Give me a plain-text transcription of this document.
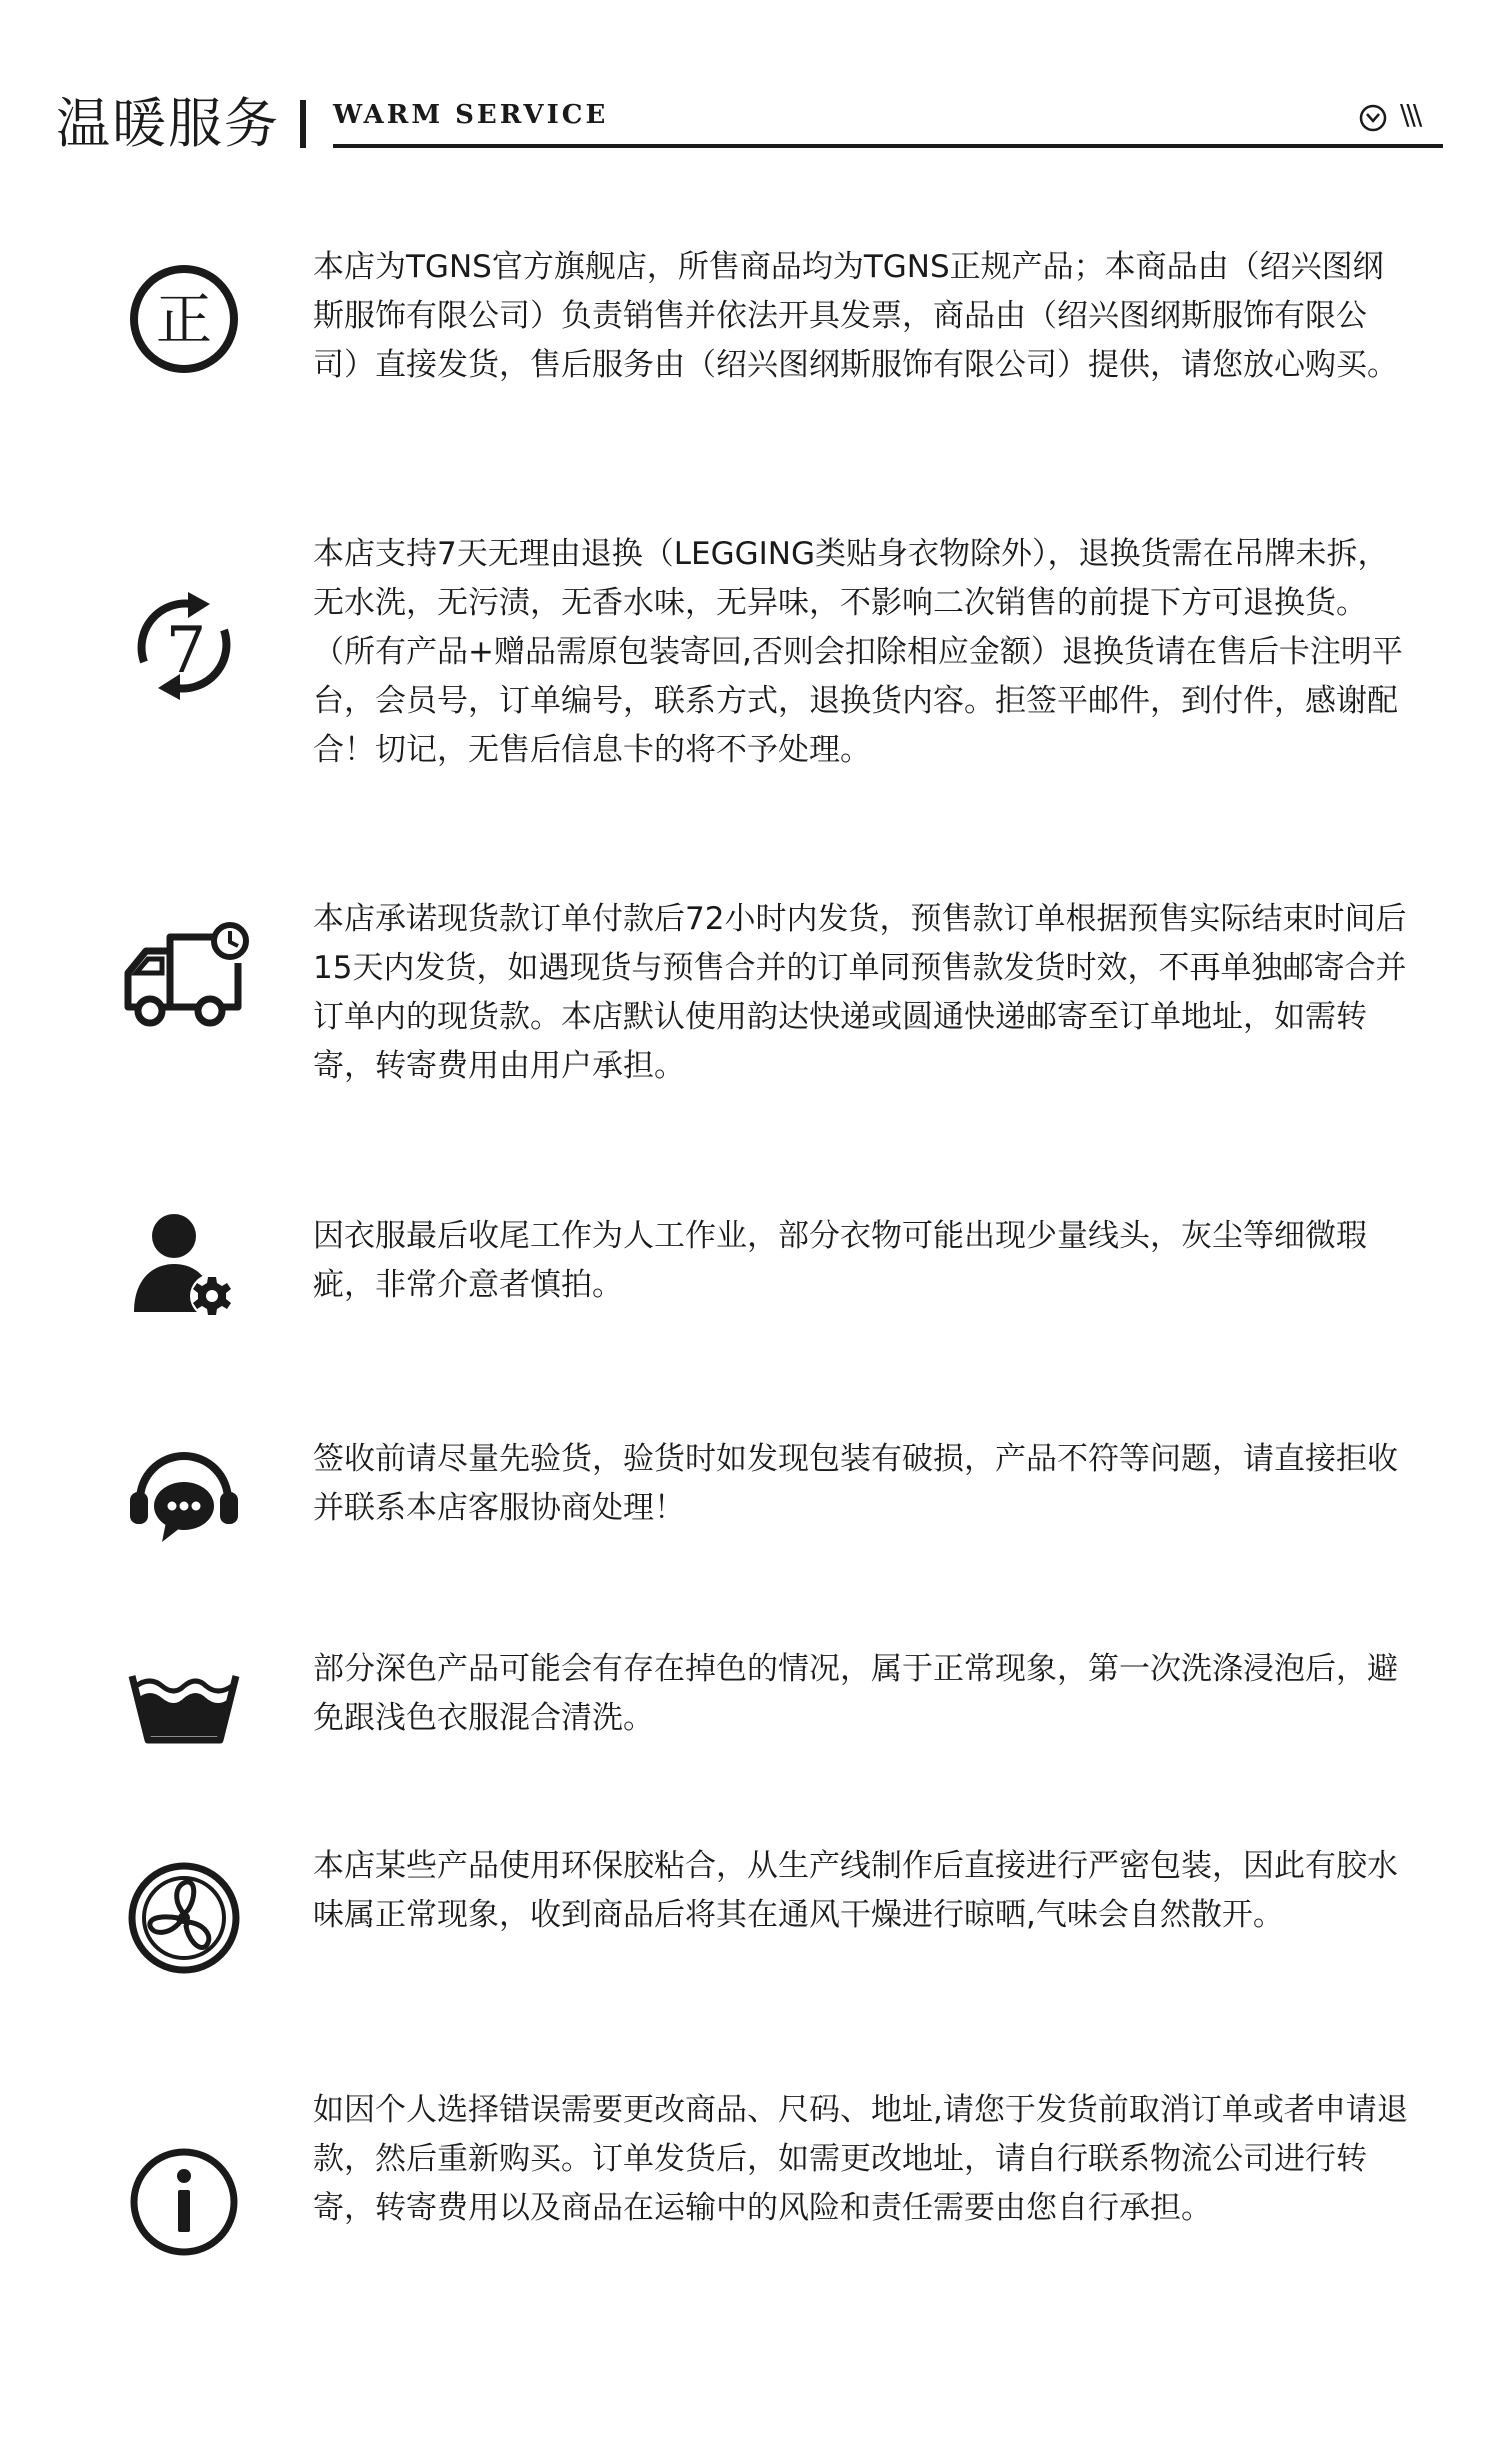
温暖服务 WARM SERVICE	\\\
正

本店为TGNS官方旗舰店，所售商品均为TGNS正规产品；本商品由（绍兴图纲斯服饰有限公司）负责销售并依法开具发票，商品由（绍兴图纲斯服饰有限公司）直接发货，售后服务由（绍兴图纲斯服饰有限公司）提供，请您放心购买。

7

本店支持7天无理由退换（LEGGING类贴身衣物除外），退换货需在吊牌未拆，无水洗，无污渍，无香水味，无异味，不影响二次销售的前提下方可退换货。（所有产品+赠品需原包装寄回,否则会扣除相应金额）退换货请在售后卡注明平台，会员号，订单编号，联系方式，退换货内容。拒签平邮件，到付件，感谢配合！切记，无售后信息卡的将不予处理。

本店承诺现货款订单付款后72小时内发货，预售款订单根据预售实际结束时间后15天内发货，如遇现货与预售合并的订单同预售款发货时效，不再单独邮寄合并订单内的现货款。本店默认使用韵达快递或圆通快递邮寄至订单地址，如需转寄，转寄费用由用户承担。

因衣服最后收尾工作为人工作业，部分衣物可能出现少量线头，灰尘等细微瑕疵，非常介意者慎拍。

签收前请尽量先验货，验货时如发现包装有破损，产品不符等问题，请直接拒收并联系本店客服协商处理！

部分深色产品可能会有存在掉色的情况，属于正常现象，第一次洗涤浸泡后，避免跟浅色衣服混合清洗。

本店某些产品使用环保胶粘合，从生产线制作后直接进行严密包装，因此有胶水味属正常现象，收到商品后将其在通风干燥进行晾晒,气味会自然散开。

如因个人选择错误需要更改商品、尺码、地址,请您于发货前取消订单或者申请退款，然后重新购买。订单发货后，如需更改地址，请自行联系物流公司进行转寄，转寄费用以及商品在运输中的风险和责任需要由您自行承担。
